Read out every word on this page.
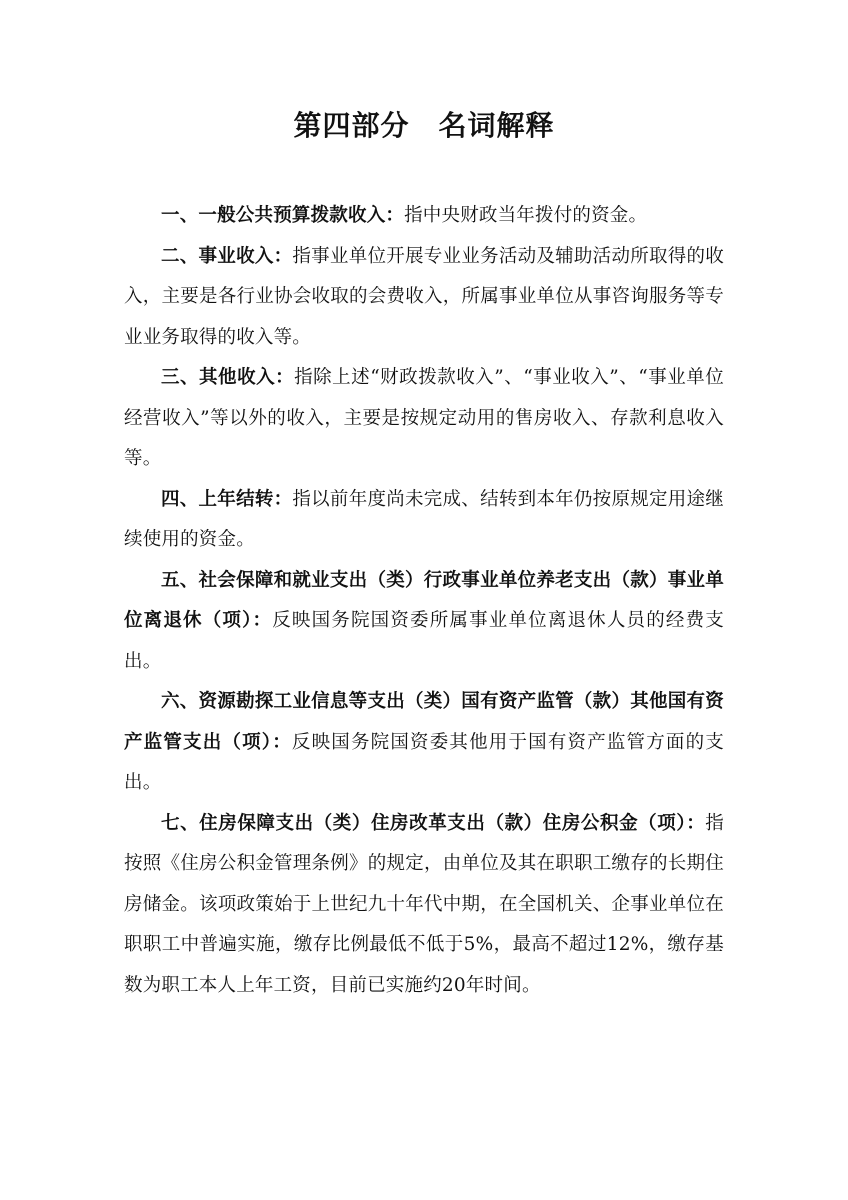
第四部分　名词解释

一、一般公共预算拨款收入：指中央财政当年拨付的资金。

二、事业收入：指事业单位开展专业业务活动及辅助活动所取得的收入，主要是各行业协会收取的会费收入，所属事业单位从事咨询服务等专业业务取得的收入等。

三、其他收入：指除上述“财政拨款收入”、“事业收入”、“事业单位经营收入”等以外的收入，主要是按规定动用的售房收入、存款利息收入等。

四、上年结转：指以前年度尚未完成、结转到本年仍按原规定用途继续使用的资金。

五、社会保障和就业支出（类）行政事业单位养老支出（款）事业单位离退休（项）：反映国务院国资委所属事业单位离退休人员的经费支出。

六、资源勘探工业信息等支出（类）国有资产监管（款）其他国有资产监管支出（项）：反映国务院国资委其他用于国有资产监管方面的支出。

七、住房保障支出（类）住房改革支出（款）住房公积金（项）：指按照《住房公积金管理条例》的规定，由单位及其在职职工缴存的长期住房储金。该项政策始于上世纪九十年代中期，在全国机关、企事业单位在职职工中普遍实施，缴存比例最低不低于5%，最高不超过12%，缴存基数为职工本人上年工资，目前已实施约20年时间。
